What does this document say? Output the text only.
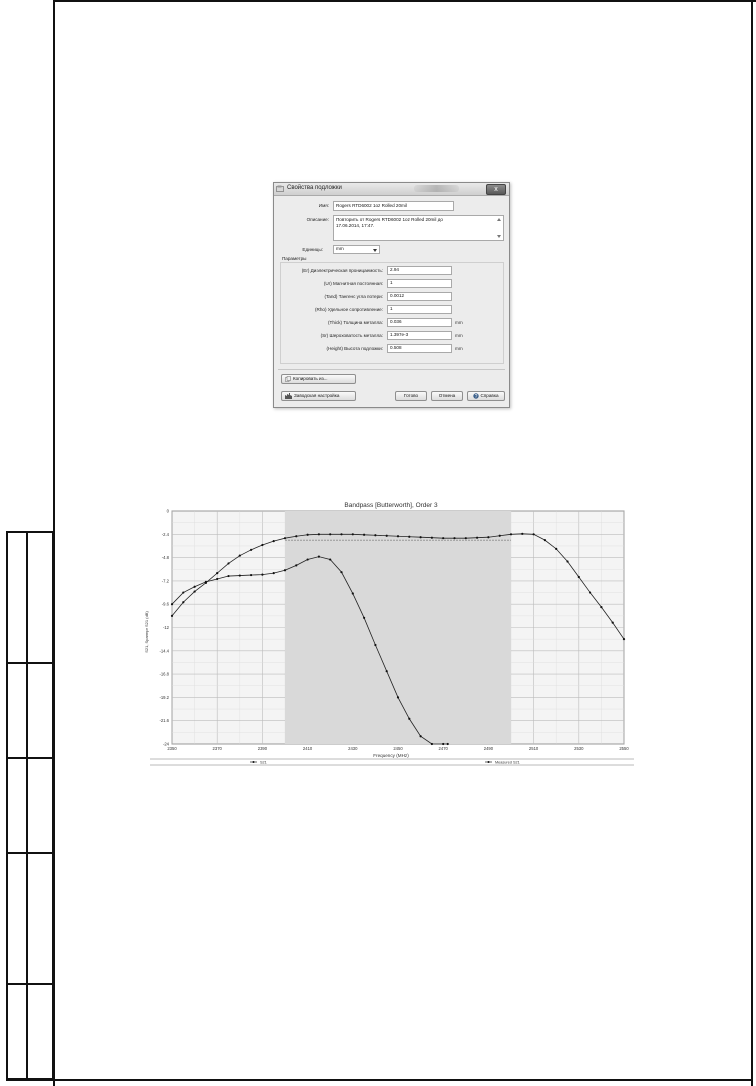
Свойства подложки	x
Имя:	Rogers RTD6002 1oz Rolled 20mil
Описание: Повторить от Rogers RTD6002 1oz Rolled 20mil до
17.06.2014, 17:47.
Единицы:	mm
Параметры
(Er) Диэлектрическая проницаемость:	2.94
(Ur) Магнитная постоянная:	1
(Tand) Тангенс угла потери:	0.0012
(Rho) Удельное сопротивление:	1
(Thick) Толщина металла:	0.036	mm
(Sr) Шероховатость металла:	1.397e-3	mm
(Height) Высота подложки:	0.508	mm
Копировать из...
Заводская настройка	Готово	Отмена	? Справка
2350	2370	2390	2410	2430	2450	2470	2490	2510	2530	2550
0
-2.4
-4.8
-7.2
-9.6
-12
-14.4
-16.8
-19.2
-21.6
-24
Bandpass [Butterworth], Order 3
Frequency (MHz)
S21, Sparmpr S21 (dB)
S21	Measured S21
